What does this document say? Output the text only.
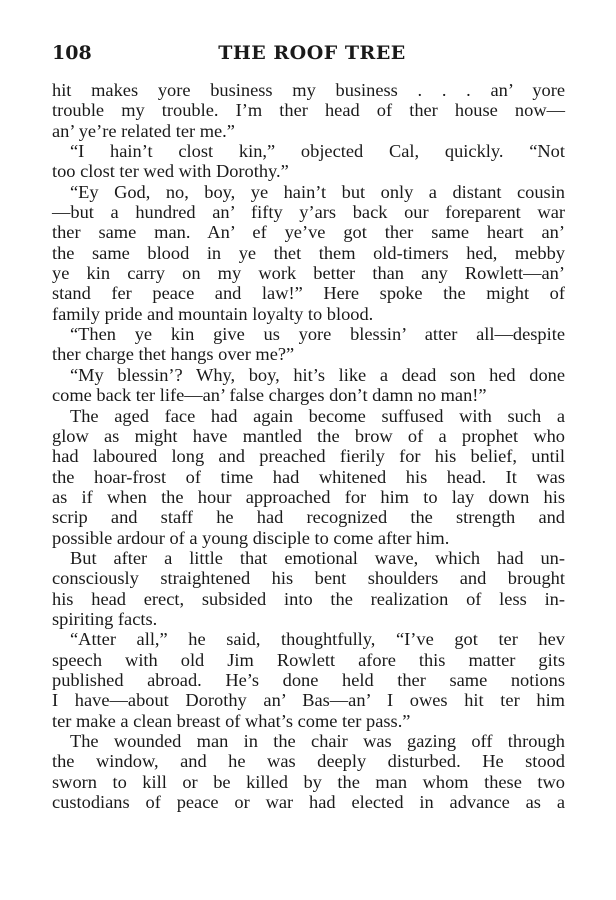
108	THE ROOF TREE
hit makes yore business my business . . . an’ yore
trouble my trouble. I’m ther head of ther house now—
an’ ye’re related ter me.”
“I hain’t clost kin,” objected Cal, quickly. “Not
too clost ter wed with Dorothy.”
“Ey God, no, boy, ye hain’t but only a distant cousin
—but a hundred an’ fifty y’ars back our foreparent war
ther same man. An’ ef ye’ve got ther same heart an’
the same blood in ye thet them old-timers hed, mebby
ye kin carry on my work better than any Rowlett—an’
stand fer peace and law!” Here spoke the might of
family pride and mountain loyalty to blood.
“Then ye kin give us yore blessin’ atter all—despite
ther charge thet hangs over me?”
“My blessin’? Why, boy, hit’s like a dead son hed done
come back ter life—an’ false charges don’t damn no man!”
The aged face had again become suffused with such a
glow as might have mantled the brow of a prophet who
had laboured long and preached fierily for his belief, until
the hoar-frost of time had whitened his head. It was
as if when the hour approached for him to lay down his
scrip and staff he had recognized the strength and
possible ardour of a young disciple to come after him.
But after a little that emotional wave, which had un-
consciously straightened his bent shoulders and brought
his head erect, subsided into the realization of less in-
spiriting facts.
“Atter all,” he said, thoughtfully, “I’ve got ter hev
speech with old Jim Rowlett afore this matter gits
published abroad. He’s done held ther same notions
I have—about Dorothy an’ Bas—an’ I owes hit ter him
ter make a clean breast of what’s come ter pass.”
The wounded man in the chair was gazing off through
the window, and he was deeply disturbed. He stood
sworn to kill or be killed by the man whom these two
custodians of peace or war had elected in advance as a
